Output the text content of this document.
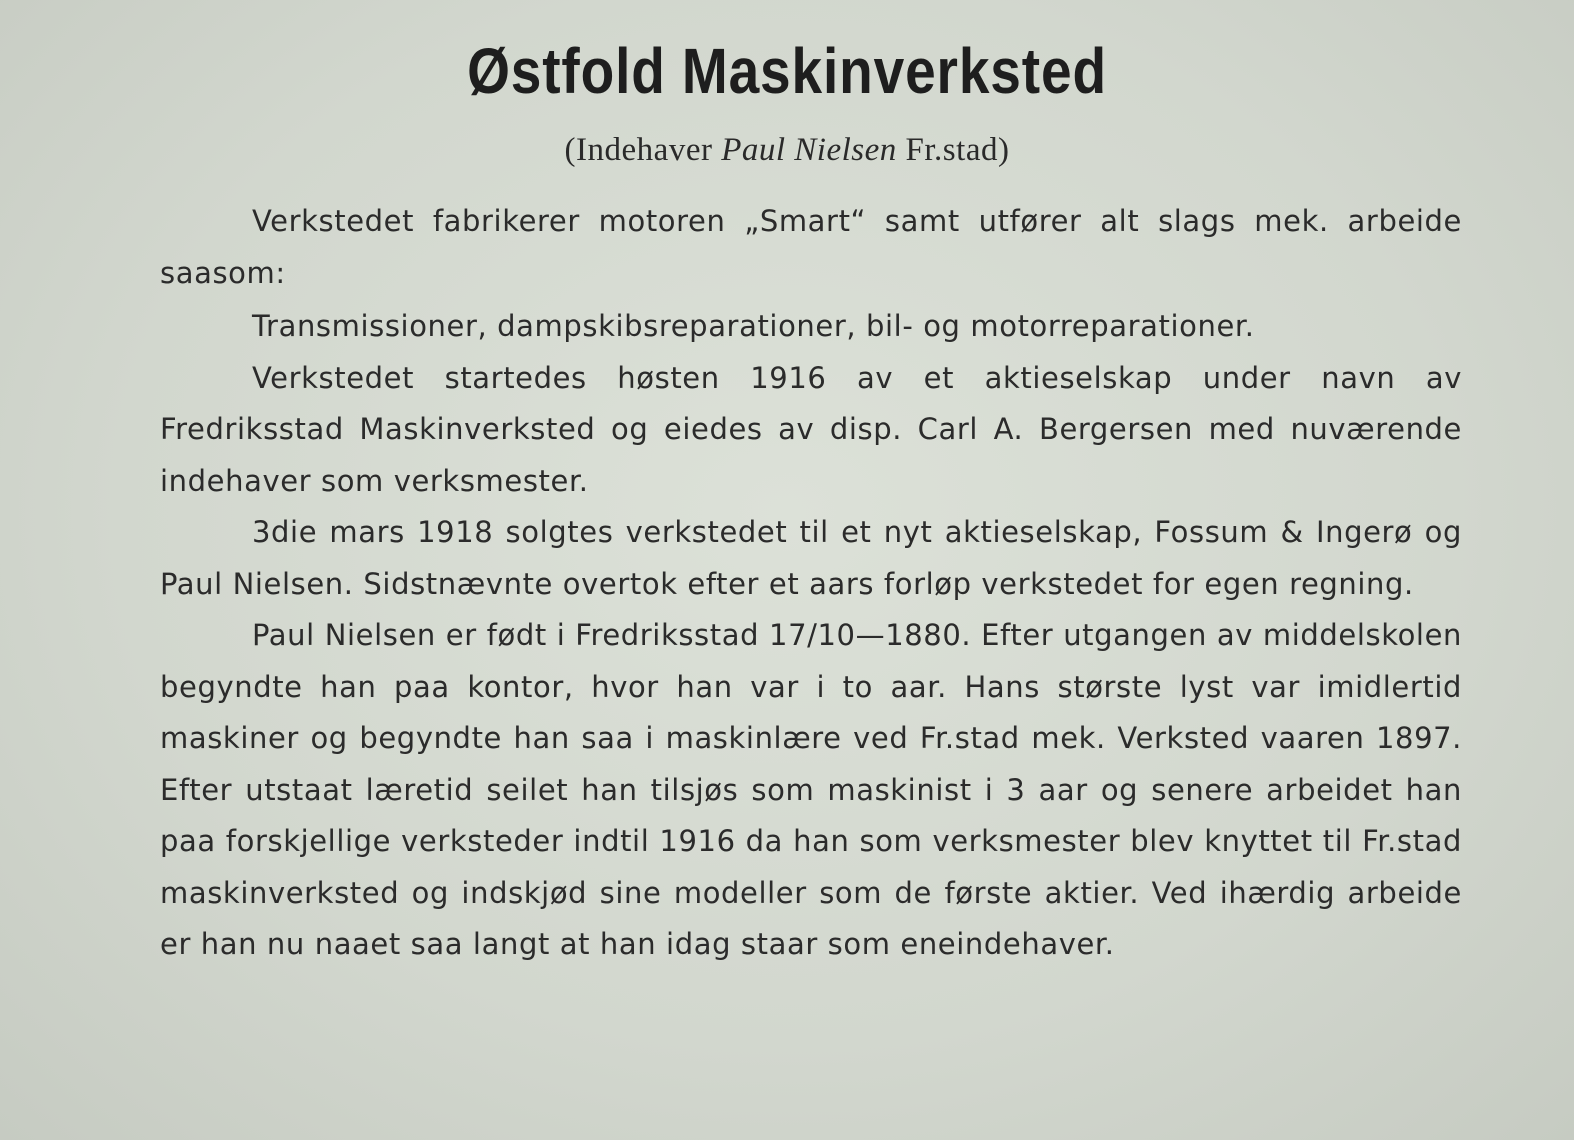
Østfold Maskinverksted
(Indehaver Paul Nielsen Fr.stad)

Verkstedet fabrikerer motoren „Smart“ samt utfører alt slags mek. arbeide saasom:

Transmissioner, dampskibsreparationer, bil- og motorreparationer.

Verkstedet startedes høsten 1916 av et aktieselskap under navn av Fredriksstad Maskinverksted og eiedes av disp. Carl A. Bergersen med nuværende indehaver som verksmester.

3die mars 1918 solgtes verkstedet til et nyt aktieselskap, Fossum & Ingerø og Paul Nielsen. Sidstnævnte overtok efter et aars forløp verkstedet for egen regning.

Paul Nielsen er født i Fredriksstad 17/10—1880. Efter utgangen av middelskolen begyndte han paa kontor, hvor han var i to aar. Hans største lyst var imidlertid maskiner og begyndte han saa i maskinlære ved Fr.stad mek. Verksted vaaren 1897. Efter utstaat læretid seilet han tilsjøs som maskinist i 3 aar og senere arbeidet han paa forskjellige verksteder indtil 1916 da han som verksmester blev knyttet til Fr.stad maskinverksted og indskjød sine modeller som de første aktier. Ved ihærdig arbeide er han nu naaet saa langt at han idag staar som eneindehaver.
